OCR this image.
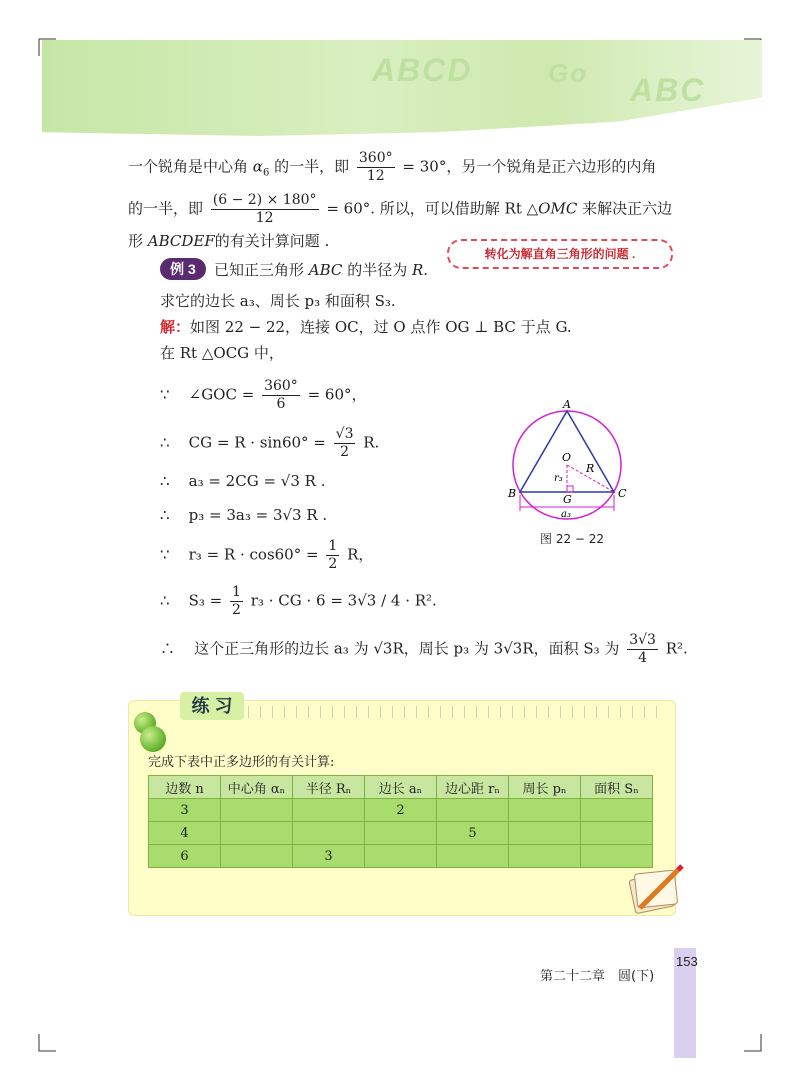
ABCD	Go ABC
一个锐角是中心角 $\alpha_6$ 的一半，即 $\frac{360^\circ}{12} = 30^\circ$，另一个锐角是正六边形的内角
的一半，即 $\frac{(6 - 2) \times 180^\circ}{12} = 60^\circ$. 所以，可以借助解 Rt △OMC 来解决正六边
形 ABCDEF的有关计算问题 .
转化为解直角三角形的问题 .
例 3	已知正三角形 ABC 的半径为 R.
求它的边长 a₃、周长 p₃ 和面积 S₃.
解：如图 22 − 22，连接 OC，过 O 点作 OG ⊥ BC 于点 G.
在 Rt △OCG 中，
∵ ∠GOC = $\frac{360^\circ}{6} = 60^\circ$，
∴ CG = $R \cdot \sin 60^\circ = \frac{√3}{2} R$.
∴ a₃ = 2CG = √3 R .
∴ p₃ = 3a₃ = 3√3 R .
∵ $r_3 = R \cdot \cos 60^\circ = \frac{1}{2}$ R，
∴ $S_3 = \frac{1}{2} r_3$ · CG · 6 = 3√3 / 4 · R².
∴ 这个正三角形的边长 a₃ 为 √3R，周长 p₃ 为 3√3R，面积 S₃ 为 $\frac{3√3}{4} R^2$.
A
B	C
O
G
R
r₃
a₃
图 22 − 22
练 习
完成下表中正多边形的有关计算:
边数 n	中心角 αₙ	半径 Rₙ	边长 aₙ	边心距 rₙ	周长 pₙ	面积 Sₙ
3			2			
4				5		
6		3				
第二十二章　圆(下)
153
